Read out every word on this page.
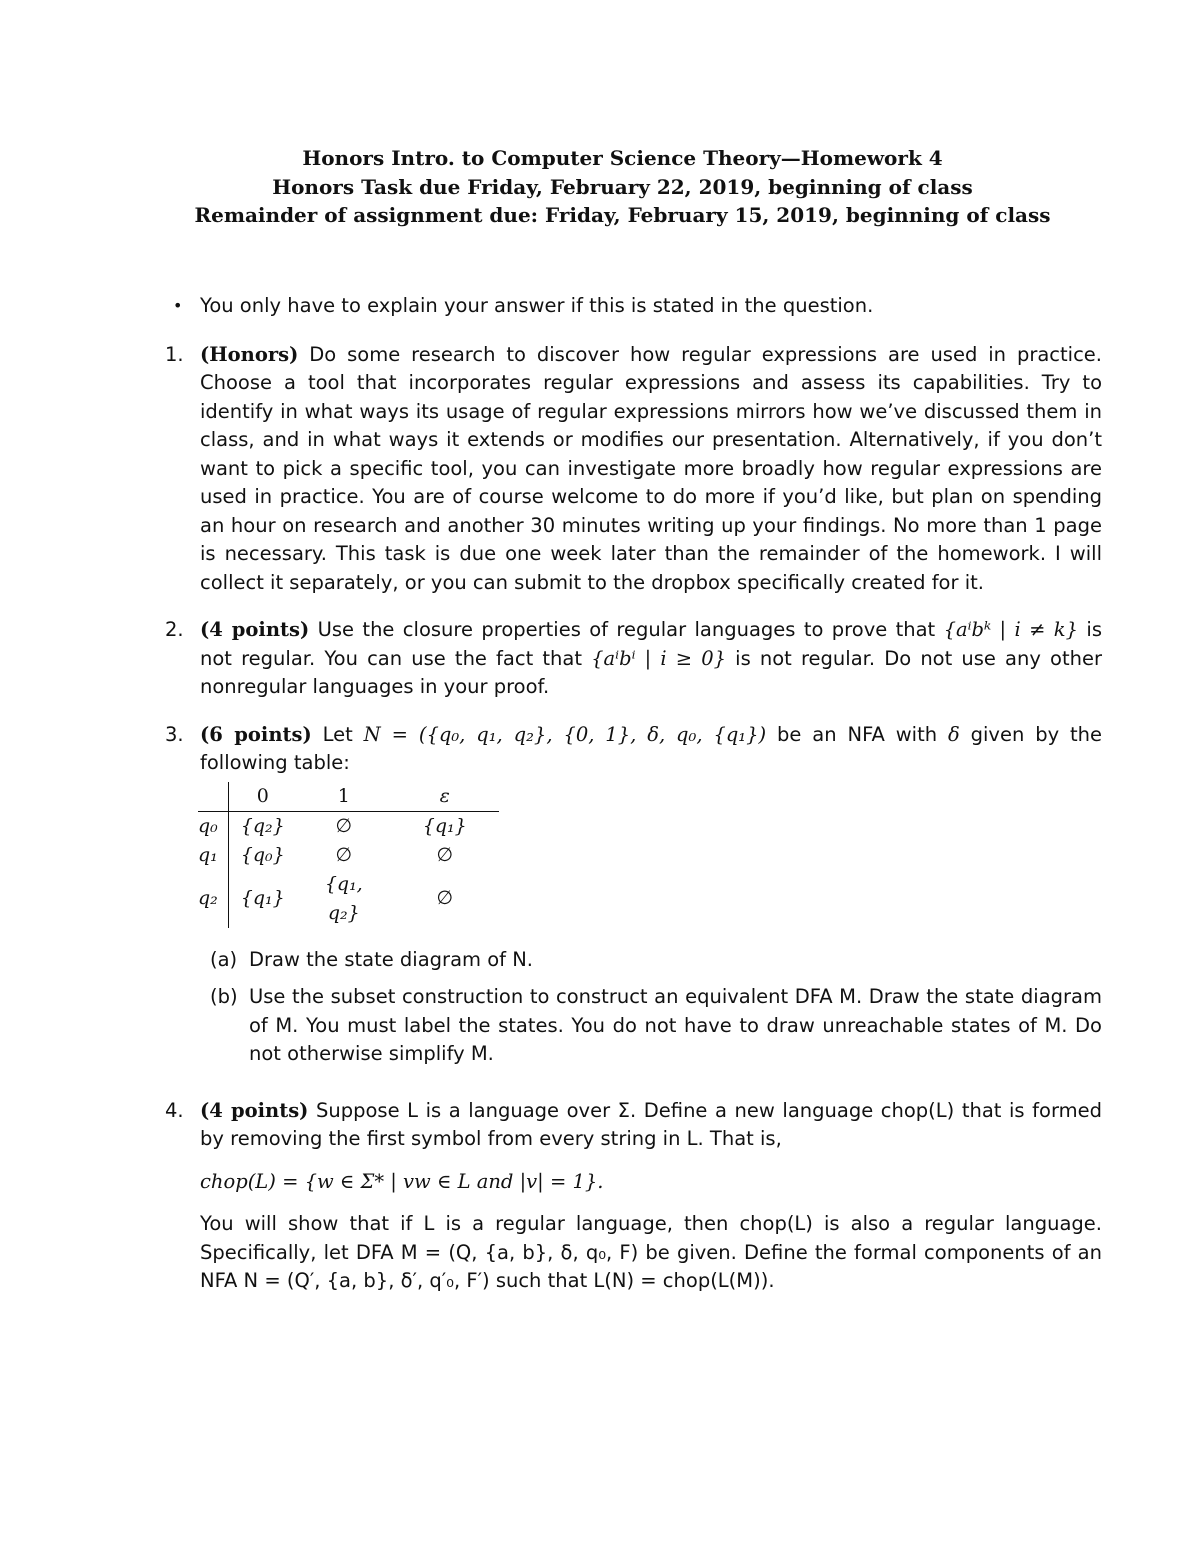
Honors Intro. to Computer Science Theory—Homework 4
Honors Task due Friday, February 22, 2019, beginning of class
Remainder of assignment due: Friday, February 15, 2019, beginning of class
• You only have to explain your answer if this is stated in the question.
1. (Honors) Do some research to discover how regular expressions are used in practice. Choose a tool that incorporates regular expressions and assess its capabilities. Try to identify in what ways its usage of regular expressions mirrors how we’ve discussed them in class, and in what ways it extends or modifies our presentation. Alternatively, if you don’t want to pick a specific tool, you can investigate more broadly how regular expressions are used in practice. You are of course welcome to do more if you’d like, but plan on spending an hour on research and another 30 minutes writing up your findings. No more than 1 page is necessary. This task is due one week later than the remainder of the homework. I will collect it separately, or you can submit to the dropbox specifically created for it.
2. (4 points) Use the closure properties of regular languages to prove that {aⁱbᵏ | i ≠ k} is not regular. You can use the fact that {aⁱbⁱ | i ≥ 0} is not regular. Do not use any other nonregular languages in your proof.
3. (6 points) Let N = ({q₀, q₁, q₂}, {0, 1}, δ, q₀, {q₁}) be an NFA with δ given by the following table:
	0	1	ε
q₀	{q₂}	∅	{q₁}
q₁	{q₀}	∅	∅
q₂	{q₁}	{q₁, q₂}	∅
(a) Draw the state diagram of N.
(b) Use the subset construction to construct an equivalent DFA M. Draw the state diagram of M. You must label the states. You do not have to draw unreachable states of M. Do not otherwise simplify M.
4. (4 points) Suppose L is a language over Σ. Define a new language chop(L) that is formed by removing the first symbol from every string in L. That is,
chop(L) = {w ∈ Σ* | vw ∈ L and |v| = 1}.
You will show that if L is a regular language, then chop(L) is also a regular language. Specifically, let DFA M = (Q, {a, b}, δ, q₀, F) be given. Define the formal components of an NFA N = (Q′, {a, b}, δ′, q′₀, F′) such that L(N) = chop(L(M)).
